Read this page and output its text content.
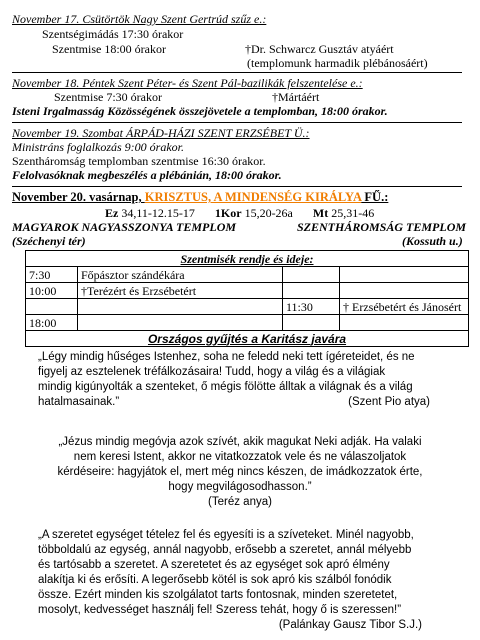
November 17. Csütörtök Nagy Szent Gertrúd szűz e.:
Szentségimádás 17:30 órakor
Szentmise 18:00 órakor	†Dr. Schwarcz Gusztáv atyáért
(templomunk harmadik plébánosáért)
November 18. Péntek Szent Péter- és Szent Pál-bazilikák felszentelése e.:
Szentmise 7:30 órakor	†Mártáért
Isteni Irgalmasság Közösségének összejövetele a templomban, 18:00 órakor.
November 19. Szombat ÁRPÁD-HÁZI SZENT ERZSÉBET Ü.:
Ministráns foglalkozás 9:00 órakor.
Szentháromság templomban szentmise 16:30 órakor.
Felolvasóknak megbeszélés a plébánián, 18:00 órakor.
November 20. vasárnap, KRISZTUS, A MINDENSÉG KIRÁLYA FŰ.:
Ez 34,11-12.15-17 1Kor 15,20-26a Mt 25,31-46
MAGYAROK NAGYASSZONYA TEMPLOM	SZENTHÁROMSÁG TEMPLOM
(Széchenyi tér)	(Kossuth u.)
Szentmisék rendje és ideje:			
7:30	Főpásztor szándékára		
10:00	†Terézért és Erzsébetért		
		11:30	† Erzsébetért és Jánosért
18:00			
Országos gyűjtés a Karitász javára			
„Légy mindig hűséges Istenhez, soha ne feledd neki tett ígéreteidet, és ne
figyelj az esztelenek tréfálkozásaira! Tudd, hogy a világ és a világiak
mindig kigúnyolták a szenteket, ő mégis fölötte álltak a világnak és a világ
hatalmasainak.”	(Szent Pio atya)
„Jézus mindig megóvja azok szívét, akik magukat Neki adják. Ha valaki
nem keresi Istent, akkor ne vitatkozzatok vele és ne válaszoljatok
kérdéseire: hagyjátok el, mert még nincs készen, de imádkozzatok érte,
hogy megvilágosodhasson.”
(Teréz anya)
„A szeretet egységet tételez fel és egyesíti is a szíveteket. Minél nagyobb,
többoldalú az egység, annál nagyobb, erősebb a szeretet, annál mélyebb
és tartósabb a szeretet. A szeretetet és az egységet sok apró élmény
alakítja ki és erősíti. A legerősebb kötél is sok apró kis szálból fonódik
össze. Ezért minden kis szolgálatot tarts fontosnak, minden szeretetet,
mosolyt, kedvességet használj fel! Szeress tehát, hogy ő is szeressen!”
(Palánkay Gausz Tibor S.J.)
